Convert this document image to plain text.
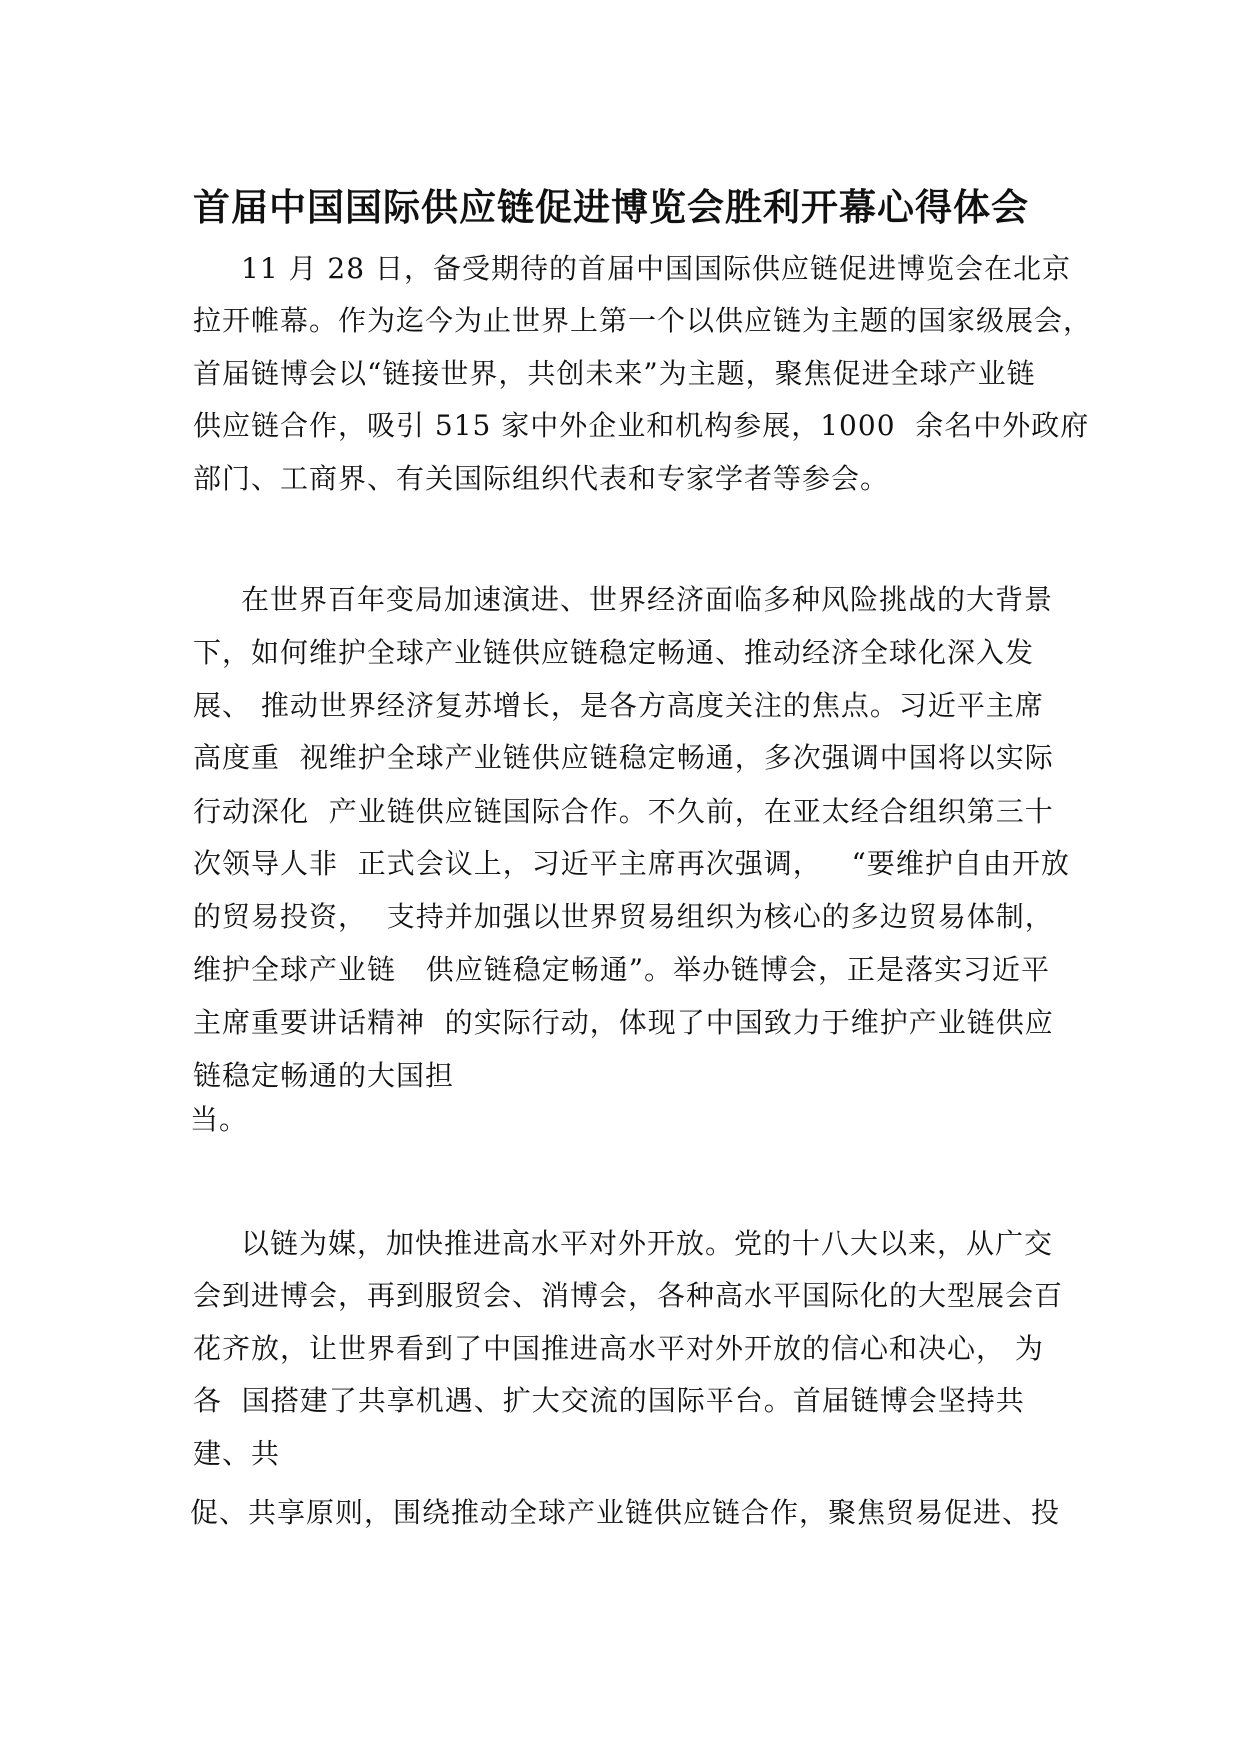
首届中国国际供应链促进博览会胜利开幕心得体会

11 月 28 日，备受期待的首届中国国际供应链促进博览会在北京

拉开帷幕。作为迄今为止世界上第一个以供应链为主题的国家级展会，

首届链博会以“链接世界，共创未来”为主题，聚焦促进全球产业链

供应链合作，吸引 515 家中外企业和机构参展，1000  余名中外政府

部门、工商界、有关国际组织代表和专家学者等参会。

在世界百年变局加速演进、世界经济面临多种风险挑战的大背景

下，如何维护全球产业链供应链稳定畅通、推动经济全球化深入发

展、 推动世界经济复苏增长，是各方高度关注的焦点。习近平主席

高度重  视维护全球产业链供应链稳定畅通，多次强调中国将以实际

行动深化  产业链供应链国际合作。不久前，在亚太经合组织第三十

次领导人非  正式会议上，习近平主席再次强调，   “要维护自由开放

的贸易投资，  支持并加强以世界贸易组织为核心的多边贸易体制，

维护全球产业链   供应链稳定畅通”。举办链博会，正是落实习近平

主席重要讲话精神  的实际行动，体现了中国致力于维护产业链供应

链稳定畅通的大国担

当。

以链为媒，加快推进高水平对外开放。党的十八大以来，从广交

会到进博会，再到服贸会、消博会，各种高水平国际化的大型展会百

花齐放，让世界看到了中国推进高水平对外开放的信心和决心， 为

各  国搭建了共享机遇、扩大交流的国际平台。首届链博会坚持共

建、共

促、共享原则，围绕推动全球产业链供应链合作，聚焦贸易促进、投
